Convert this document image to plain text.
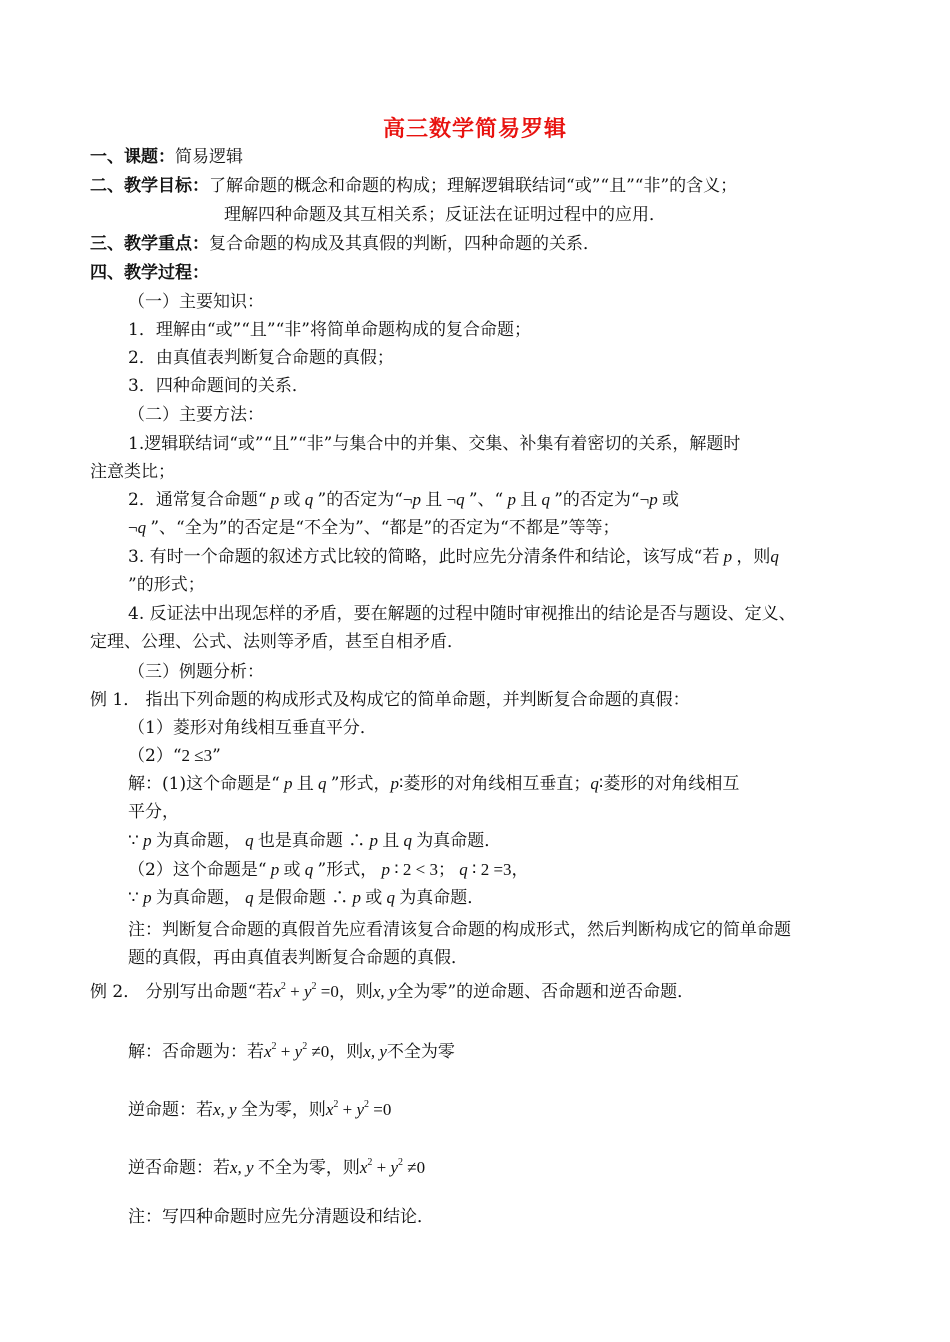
高三数学简易罗辑
一、课题：简易逻辑
二、教学目标：了解命题的概念和命题的构成；理解逻辑联结词“或”“且”“非”的含义；
理解四种命题及其互相关系；反证法在证明过程中的应用．
三、教学重点：复合命题的构成及其真假的判断，四种命题的关系．
四、教学过程：
（一）主要知识：
1．理解由“或”“且”“非”将简单命题构成的复合命题；
2．由真值表判断复合命题的真假；
3．四种命题间的关系．
（二）主要方法：
1.逻辑联结词“或”“且”“非”与集合中的并集、交集、补集有着密切的关系，解题时
注意类比；
2．通常复合命题“ p 或 q ”的否定为“¬p 且 ¬q ”、“ p 且 q ”的否定为“¬p 或
¬q ”、“全为”的否定是“不全为”、“都是”的否定为“不都是”等等；
3. 有时一个命题的叙述方式比较的简略，此时应先分清条件和结论，该写成“若 p ，则q
”的形式；
4. 反证法中出现怎样的矛盾，要在解题的过程中随时审视推出的结论是否与题设、定义、
定理、公理、公式、法则等矛盾，甚至自相矛盾．
（三）例题分析：
例 1． 指出下列命题的构成形式及构成它的简单命题，并判断复合命题的真假：
（1）菱形对角线相互垂直平分．
（2）“2 ≤3”
解：(1)这个命题是“ p 且 q ”形式，p∶菱形的对角线相互垂直；q∶菱形的对角线相互
平分，
∵ p 为真命题， q 也是真命题 ∴ p 且 q 为真命题．
（2）这个命题是“ p 或 q ”形式， p ∶ 2 < 3； q ∶ 2 =3，
∵ p 为真命题， q 是假命题 ∴ p 或 q 为真命题．
注：判断复合命题的真假首先应看清该复合命题的构成形式，然后判断构成它的简单命题
题的真假，再由真值表判断复合命题的真假．
例 2． 分别写出命题“若$x^2 + y^2 =0$，则x, y全为零”的逆命题、否命题和逆否命题．
解：否命题为：若$x^2 + y^2 \ne 0$，则x, y不全为零
逆命题：若x, y 全为零，则$x^2 + y^2 =0$
逆否命题：若x, y 不全为零，则$x^2 + y^2 \ne 0$
注：写四种命题时应先分清题设和结论．
